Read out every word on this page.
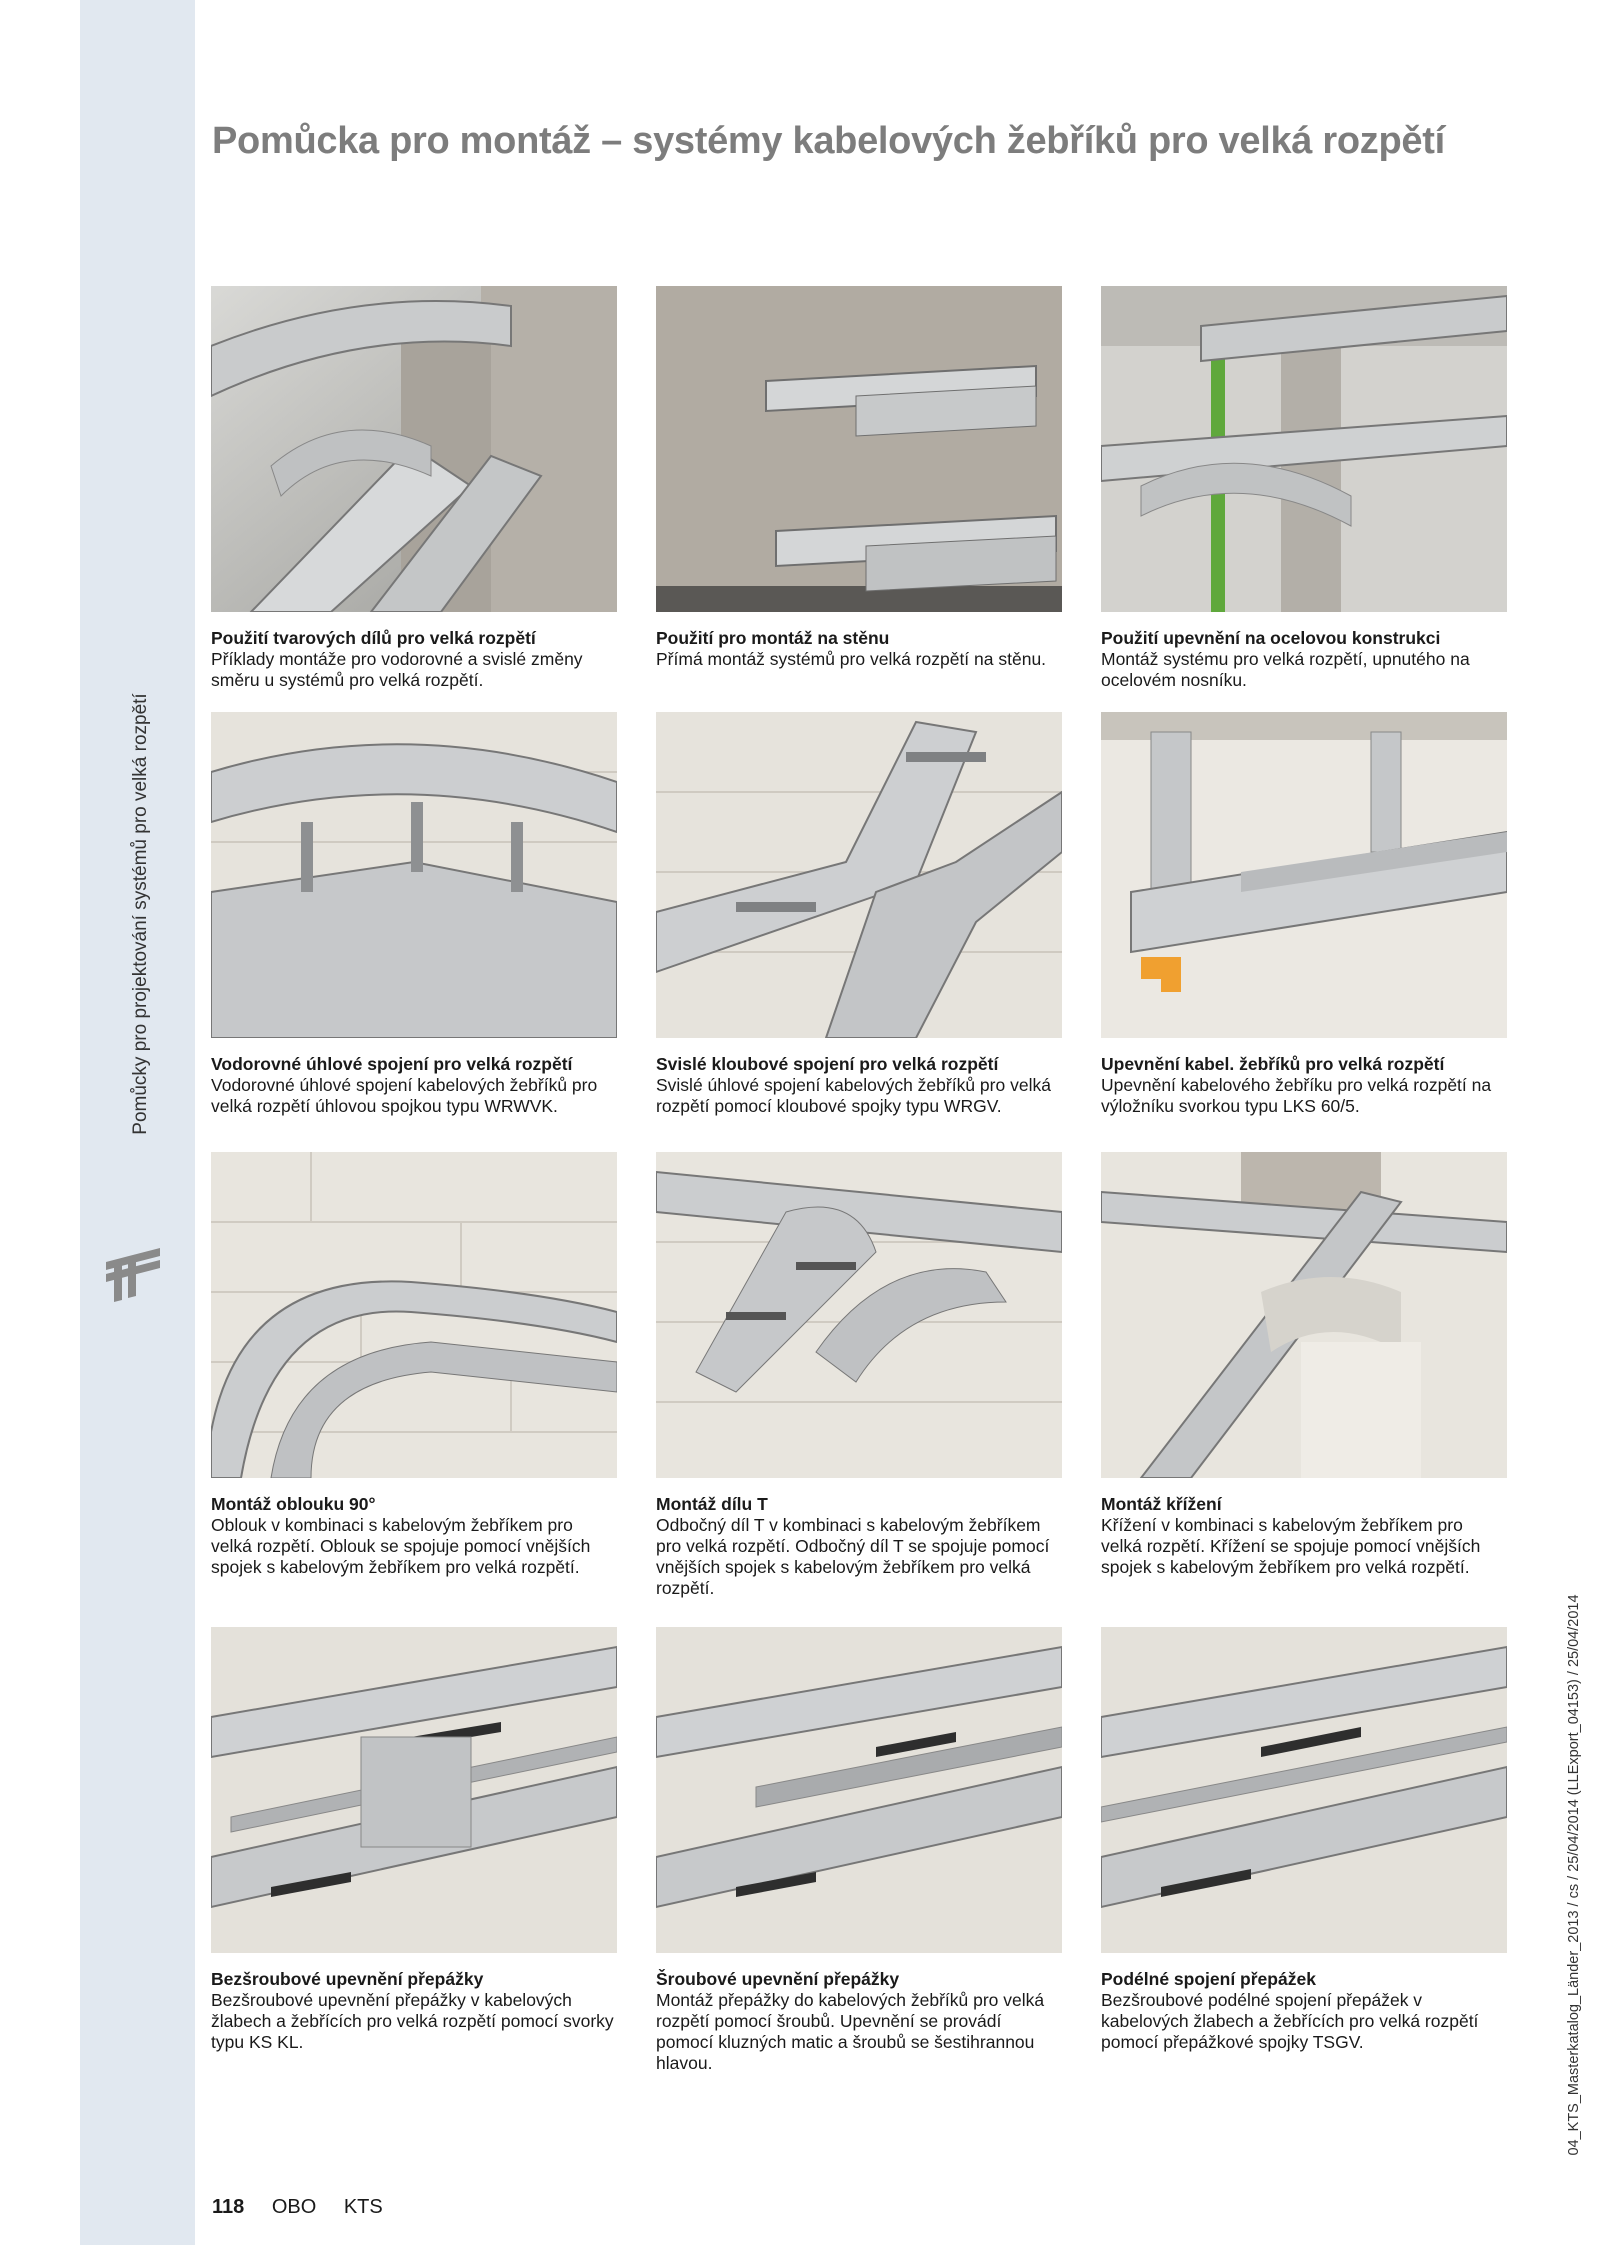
Pomůcky pro projektování systémů pro velká rozpětí
Pomůcka pro montáž – systémy kabelových žebříků pro velká rozpětí
Použití tvarových dílů pro velká rozpětí
Příklady montáže pro vodorovné a svislé změny směru u systémů pro velká rozpětí.
Použití pro montáž na stěnu
Přímá montáž systémů pro velká rozpětí na stěnu.
Použití upevnění na ocelovou konstrukci
Montáž systému pro velká rozpětí, upnutého na ocelovém nosníku.
Vodorovné úhlové spojení pro velká rozpětí
Vodorovné úhlové spojení kabelových žebříků pro velká rozpětí úhlovou spojkou typu WRWVK.
Svislé kloubové spojení pro velká rozpětí
Svislé úhlové spojení kabelových žebříků pro velká rozpětí pomocí kloubové spojky typu WRGV.
Upevnění kabel. žebříků pro velká rozpětí
Upevnění kabelového žebříku pro velká rozpětí na výložníku svorkou typu LKS 60/5.
Montáž oblouku 90°
Oblouk v kombinaci s kabelovým žebříkem pro velká rozpětí. Oblouk se spojuje pomocí vnějších spojek s kabelovým žebříkem pro velká rozpětí.
Montáž dílu T
Odbočný díl T v kombinaci s kabelovým žebříkem pro velká rozpětí. Odbočný díl T se spojuje pomocí vnějších spojek s kabelovým žebříkem pro velká rozpětí.
Montáž křížení
Křížení v kombinaci s kabelovým žebříkem pro velká rozpětí. Křížení se spojuje pomocí vnějších spojek s kabelovým žebříkem pro velká rozpětí.
Bezšroubové upevnění přepážky
Bezšroubové upevnění přepážky v kabelových žlabech a žebřících pro velká rozpětí pomocí svorky typu KS KL.
Šroubové upevnění přepážky
Montáž přepážky do kabelových žebříků pro velká rozpětí pomocí šroubů. Upevnění se provádí pomocí kluzných matic a šroubů se šestihrannou hlavou.
Podélné spojení přepážek
Bezšroubové podélné spojení přepážek v kabelových žlabech a žebřících pro velká rozpětí pomocí přepážkové spojky TSGV.
118 OBO KTS
04_KTS_Masterkatalog_Länder_2013 / cs / 25/04/2014 (LLExport_04153) / 25/04/2014
